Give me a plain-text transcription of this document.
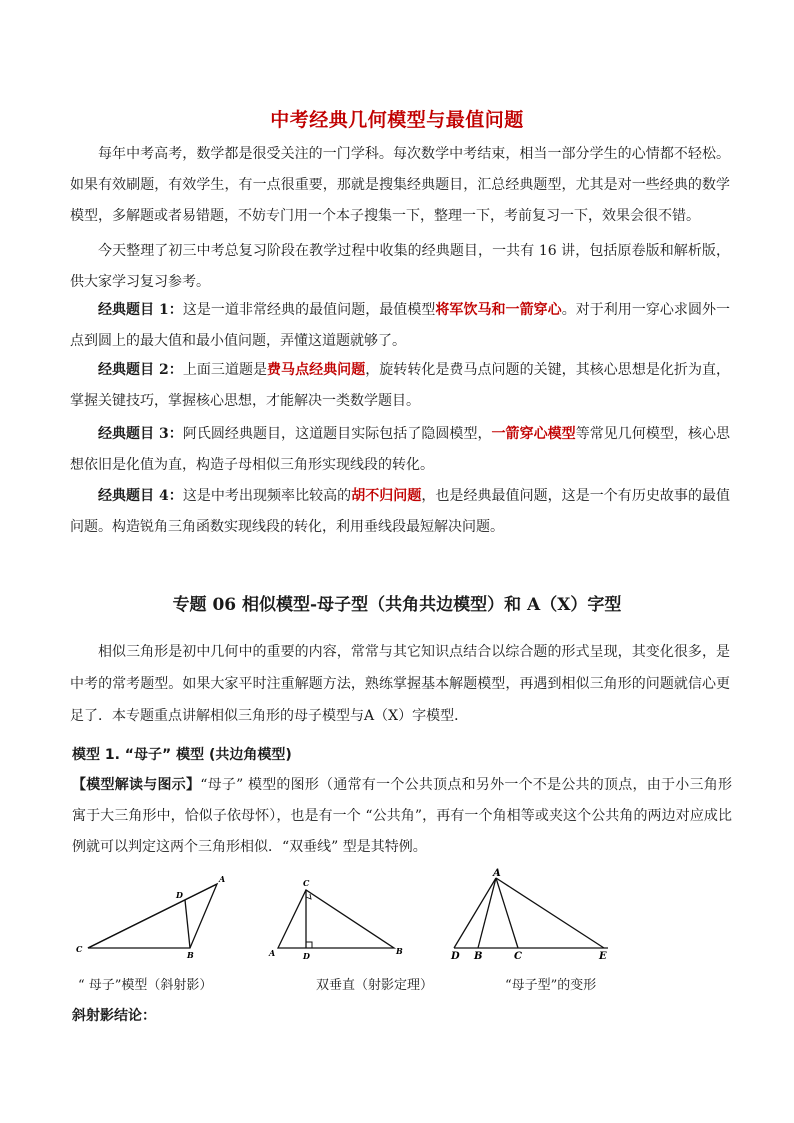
中考经典几何模型与最值问题

每年中考高考，数学都是很受关注的一门学科。每次数学中考结束，相当一部分学生的心情都不轻松。如果有效刷题，有效学生，有一点很重要，那就是搜集经典题目，汇总经典题型，尤其是对一些经典的数学模型，多解题或者易错题，不妨专门用一个本子搜集一下，整理一下，考前复习一下，效果会很不错。

今天整理了初三中考总复习阶段在教学过程中收集的经典题目，一共有 16 讲，包括原卷版和解析版，供大家学习复习参考。

经典题目 1：这是一道非常经典的最值问题，最值模型将军饮马和一箭穿心。对于利用一穿心求圆外一点到圆上的最大值和最小值问题，弄懂这道题就够了。

经典题目 2：上面三道题是费马点经典问题，旋转转化是费马点问题的关键，其核心思想是化折为直，掌握关键技巧，掌握核心思想，才能解决一类数学题目。

经典题目 3：阿氏圆经典题目，这道题目实际包括了隐圆模型，一箭穿心模型等常见几何模型，核心思想依旧是化值为直，构造子母相似三角形实现线段的转化。

经典题目 4：这是中考出现频率比较高的胡不归问题，也是经典最值问题，这是一个有历史故事的最值问题。构造锐角三角函数实现线段的转化，利用垂线段最短解决问题。

专题 06 相似模型-母子型（共角共边模型）和 A（X）字型

相似三角形是初中几何中的重要的内容，常常与其它知识点结合以综合题的形式呈现，其变化很多，是中考的常考题型。如果大家平时注重解题方法，熟练掌握基本解题模型，再遇到相似三角形的问题就信心更足了．本专题重点讲解相似三角形的母子模型与A（X）字模型．

模型 1. “母子” 模型 (共边角模型)

【模型解读与图示】“母子” 模型的图形（通常有一个公共顶点和另外一个不是公共的顶点，由于小三角形寓于大三角形中，恰似子依母怀），也是有一个 “公共角”，再有一个角相等或夹这个公共角的两边对应成比例就可以判定这两个三角形相似．“双垂线” 型是其特例。

A
B
C
D
A	B
C
D
A
B	C
D	E
“ 母子”模型（斜射影）	双垂直（射影定理）	“母子型”的变形
斜射影结论：
